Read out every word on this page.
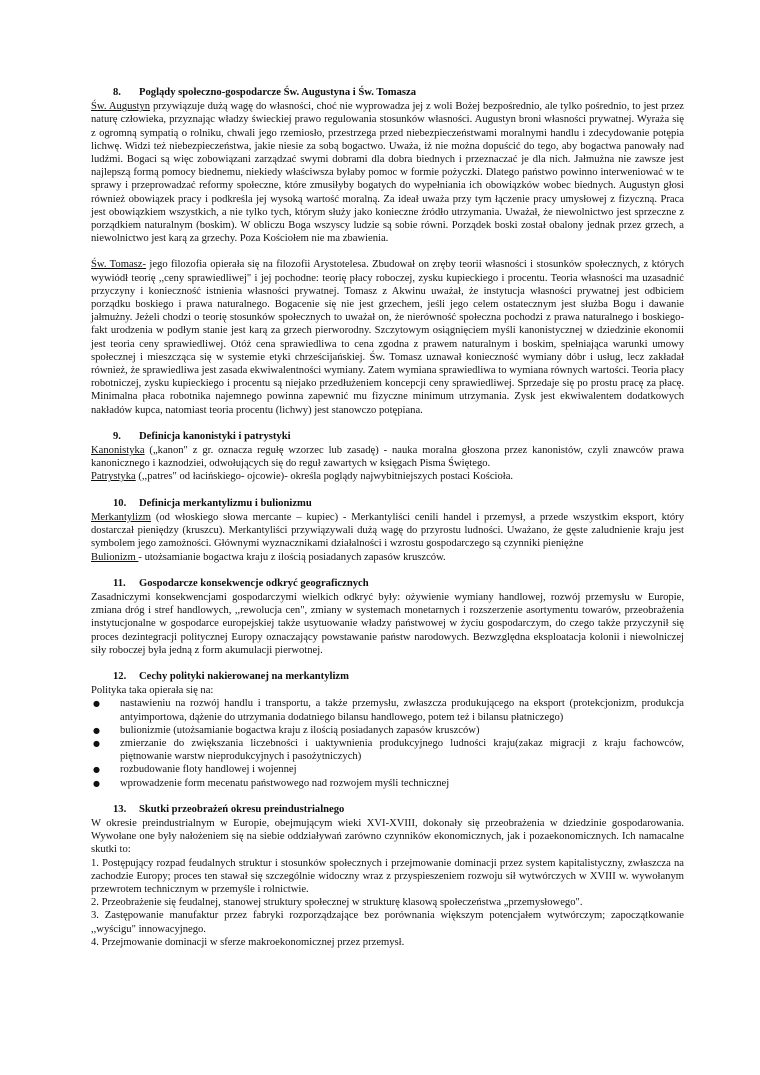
8. Poglądy społeczno-gospodarcze Św. Augustyna i Św. Tomasza

Św. Augustyn przywiązuje dużą wagę do własności, choć nie wyprowadza jej z woli Bożej bezpośrednio, ale tylko pośrednio, to jest przez naturę człowieka, przyznając władzy świeckiej prawo regulowania stosunków własności. Augustyn broni własności prywatnej. Wyraża się z ogromną sympatią o rolniku, chwali jego rzemiosło, przestrzega przed niebezpieczeństwami moralnymi handlu i zdecydowanie potępia lichwę. Widzi też niebezpieczeństwa, jakie niesie za sobą bogactwo. Uważa, iż nie można dopuścić do tego, aby bogactwa panowały nad ludźmi. Bogaci są więc zobowiązani zarządzać swymi dobrami dla dobra biednych i przeznaczać je dla nich. Jałmużna nie zawsze jest najlepszą formą pomocy biednemu, niekiedy właściwsza byłaby pomoc w formie pożyczki. Dlatego państwo powinno interweniować w te sprawy i przeprowadzać reformy społeczne, które zmusiłyby bogatych do wypełniania ich obowiązków wobec biednych. Augustyn głosi również obowiązek pracy i podkreśla jej wysoką wartość moralną. Za ideał uważa przy tym łączenie pracy umysłowej z fizyczną. Praca jest obowiązkiem wszystkich, a nie tylko tych, którym służy jako konieczne źródło utrzymania. Uważał, że niewolnictwo jest sprzeczne z porządkiem naturalnym (boskim). W obliczu Boga wszyscy ludzie są sobie równi. Porządek boski został obalony jednak przez grzech, a niewolnictwo jest karą za grzechy. Poza Kościołem nie ma zbawienia.

Św. Tomasz- jego filozofia opierała się na filozofii Arystotelesa. Zbudował on zręby teorii własności i stosunków społecznych, z których wywiódł teorię ,,ceny sprawiedliwej" i jej pochodne: teorię płacy roboczej, zysku kupieckiego i procentu. Teoria własności ma uzasadnić przyczyny i konieczność istnienia własności prywatnej. Tomasz z Akwinu uważał, że instytucja własności prywatnej jest odbiciem porządku boskiego i prawa naturalnego. Bogacenie się nie jest grzechem, jeśli jego celem ostatecznym jest służba Bogu i dawanie jałmużny. Jeżeli chodzi o teorię stosunków społecznych to uważał on, że nierówność społeczna pochodzi z prawa naturalnego i boskiego- fakt urodzenia w podłym stanie jest karą za grzech pierworodny. Szczytowym osiągnięciem myśli kanonistycznej w dziedzinie ekonomii jest teoria ceny sprawiedliwej. Otóż cena sprawiedliwa to cena zgodna z prawem naturalnym i boskim, spełniająca warunki umowy społecznej i mieszcząca się w systemie etyki chrześcijańskiej. Św. Tomasz uznawał konieczność wymiany dóbr i usług, lecz zakładał również, że sprawiedliwa jest zasada ekwiwalentności wymiany. Zatem wymiana sprawiedliwa to wymiana równych wartości. Teoria płacy robotniczej, zysku kupieckiego i procentu są niejako przedłużeniem koncepcji ceny sprawiedliwej. Sprzedaje się po prostu pracę za płacę. Minimalna płaca robotnika najemnego powinna zapewnić mu fizyczne minimum utrzymania. Zysk jest ekwiwalentem dodatkowych nakładów kupca, natomiast teoria procentu (lichwy) jest stanowczo potępiana.

9. Definicja kanonistyki i patrystyki

Kanonistyka („kanon" z gr. oznacza regułę wzorzec lub zasadę) - nauka moralna głoszona przez kanonistów, czyli znawców prawa kanonicznego i kaznodziei, odwołujących się do reguł zawartych w księgach Pisma Świętego.

Patrystyka (,,patres" od łacińskiego- ojcowie)- określa poglądy najwybitniejszych postaci Kościoła.

10. Definicja merkantylizmu i bulionizmu

Merkantylizm (od włoskiego słowa mercante – kupiec) - Merkantyliści cenili handel i przemysł, a przede wszystkim eksport, który dostarczał pieniędzy (kruszcu). Merkantyliści przywiązywali dużą wagę do przyrostu ludności. Uważano, że gęste zaludnienie kraju jest symbolem jego zamożności. Głównymi wyznacznikami działalności i wzrostu gospodarczego są czynniki pieniężne

Bulionizm - utożsamianie bogactwa kraju z ilością posiadanych zapasów kruszców.

11. Gospodarcze konsekwencje odkryć geograficznych

Zasadniczymi konsekwencjami gospodarczymi wielkich odkryć były: ożywienie wymiany handlowej, rozwój przemysłu w Europie, zmiana dróg i stref handlowych, ,,rewolucja cen", zmiany w systemach monetarnych i rozszerzenie asortymentu towarów, przeobrażenia instytucjonalne w gospodarce europejskiej także usytuowanie władzy państwowej w życiu gospodarczym, do czego także przyczynił się proces dezintegracji politycznej Europy oznaczający powstawanie państw narodowych. Bezwzględna eksploatacja kolonii i niewolniczej siły roboczej była jedną z form akumulacji pierwotnej.

12. Cechy polityki nakierowanej na merkantylizm

Polityka taka opierała się na:

● nastawieniu na rozwój handlu i transportu, a także przemysłu, zwłaszcza produkującego na eksport (protekcjonizm, produkcja antyimportowa, dążenie do utrzymania dodatniego bilansu handlowego, potem też i bilansu płatniczego)
● bulionizmie (utożsamianie bogactwa kraju z ilością posiadanych zapasów kruszców)
● zmierzanie do zwiększania liczebności i uaktywnienia produkcyjnego ludności kraju(zakaz migracji z kraju fachowców, piętnowanie warstw nieprodukcyjnych i pasożytniczych)
● rozbudowanie floty handlowej i wojennej
● wprowadzenie form mecenatu państwowego nad rozwojem myśli technicznej
13. Skutki przeobrażeń okresu preindustrialnego

W okresie preindustrialnym w Europie, obejmującym wieki XVI-XVIII, dokonały się przeobrażenia w dziedzinie gospodarowania. Wywołane one były nałożeniem się na siebie oddziaływań zarówno czynników ekonomicznych, jak i pozaekonomicznych. Ich namacalne skutki to:

1. Postępujący rozpad feudalnych struktur i stosunków społecznych i przejmowanie dominacji przez system kapitalistyczny, zwłaszcza na zachodzie Europy; proces ten stawał się szczególnie widoczny wraz z przyspieszeniem rozwoju sił wytwórczych w XVIII w. wywołanym przewrotem technicznym w przemyśle i rolnictwie.

2. Przeobrażenie się feudalnej, stanowej struktury społecznej w strukturę klasową społeczeństwa „przemysłowego".

3. Zastępowanie manufaktur przez fabryki rozporządzające bez porównania większym potencjałem wytwórczym; zapoczątkowanie ,,wyścigu" innowacyjnego.

4. Przejmowanie dominacji w sferze makroekonomicznej przez przemysł.
